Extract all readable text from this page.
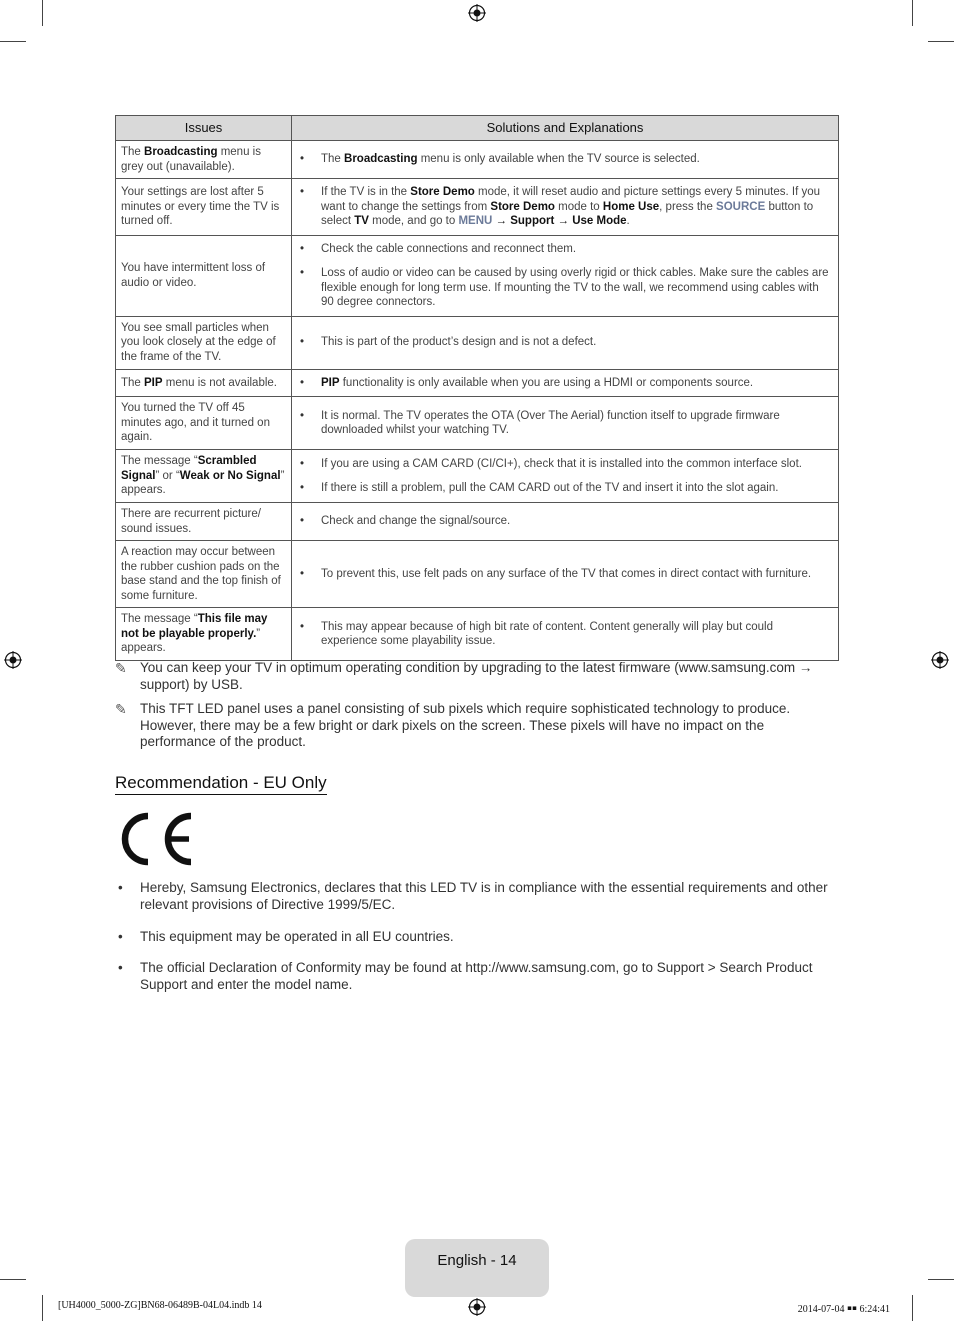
Issues	Solutions and Explanations
The Broadcasting menu is grey out (unavailable).	• The Broadcasting menu is only available when the TV source is selected.

Your settings are lost after 5 minutes or every time the TV is turned off.	• If the TV is in the Store Demo mode, it will reset audio and picture settings every 5 minutes. If you want to change the settings from Store Demo mode to Home Use, press the SOURCE button to select TV mode, and go to MENU → Support → Use Mode.

You have intermittent loss of audio or video.	• Check the cable connections and reconnect them.
• Loss of audio or video can be caused by using overly rigid or thick cables. Make sure the cables are flexible enough for long term use. If mounting the TV to the wall, we recommend using cables with 90 degree connectors.

You see small particles when you look closely at the edge of the frame of the TV.	• This is part of the product’s design and is not a defect.

The PIP menu is not available.	• PIP functionality is only available when you are using a HDMI or components source.

You turned the TV off 45 minutes ago, and it turned on again.	• It is normal. The TV operates the OTA (Over The Aerial) function itself to upgrade firmware downloaded whilst your watching TV.

The message “Scrambled Signal” or “Weak or No Signal” appears.	• If you are using a CAM CARD (CI/CI+), check that it is installed into the common interface slot.
• If there is still a problem, pull the CAM CARD out of the TV and insert it into the slot again.

There are recurrent picture/ sound issues.	• Check and change the signal/source.

A reaction may occur between the rubber cushion pads on the base stand and the top finish of some furniture.	• To prevent this, use felt pads on any surface of the TV that comes in direct contact with furniture.

The message “This file may not be playable properly.” appears.	• This may appear because of high bit rate of content. Content generally will play but could experience some playability issue.
✎ You can keep your TV in optimum operating condition by upgrading to the latest firmware (www.samsung.com → support) by USB.
✎ This TFT LED panel uses a panel consisting of sub pixels which require sophisticated technology to produce. However, there may be a few bright or dark pixels on the screen. These pixels will have no impact on the performance of the product.
Recommendation - EU Only
• Hereby, Samsung Electronics, declares that this LED TV is in compliance with the essential requirements and other relevant provisions of Directive 1999/5/EC.
• This equipment may be operated in all EU countries.
• The official Declaration of Conformity may be found at http://www.samsung.com, go to Support > Search Product Support and enter the model name.
English - 14
[UH4000_5000-ZG]BN68-06489B-04L04.indb 14	2014-07-04 ￭￭ 6:24:41
